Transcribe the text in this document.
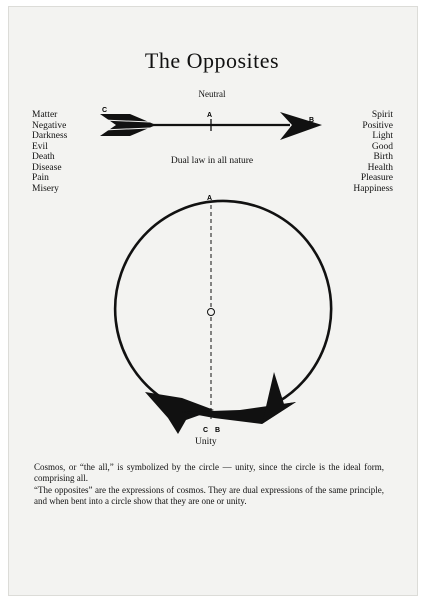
The Opposites
Neutral
Matter
Negative
Darkness
Evil
Death
Disease
Pain
Misery
Spirit
Positive
Light
Good
Birth
Health
Pleasure
Happiness
C
A
B
A
C B
Dual law in all nature
Unity

Cosmos, or “the all,” is symbolized by the circle — unity, since the circle is the ideal form, comprising all.

“The opposites” are the expressions of cosmos. They are dual expressions of the same principle, and when bent into a circle show that they are one or unity.
